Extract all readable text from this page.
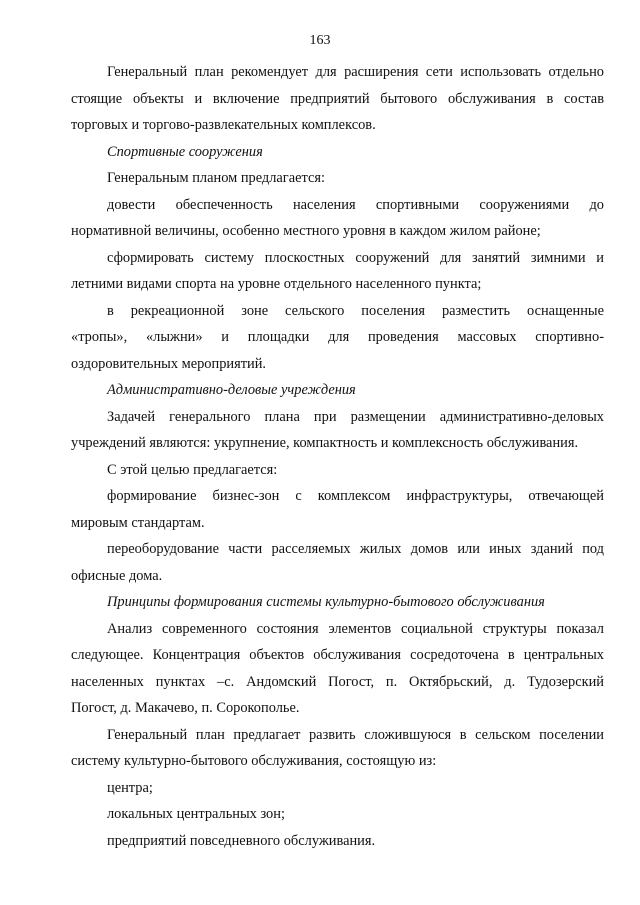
163
Генеральный план рекомендует для расширения сети использовать отдельно
стоящие объекты и включение предприятий бытового обслуживания в состав
торговых и торгово-развлекательных комплексов.

Спортивные сооружения

Генеральным планом предлагается:
довести обеспеченность населения спортивными сооружениями до
нормативной величины, особенно местного уровня в каждом жилом районе;
сформировать систему плоскостных сооружений для занятий зимними и
летними видами спорта на уровне отдельного населенного пункта;
в рекреационной зоне сельского поселения разместить оснащенные
«тропы», «лыжни» и площадки для проведения массовых спортивно-
оздоровительных мероприятий.

Административно-деловые учреждения

Задачей генерального плана при размещении административно-деловых
учреждений являются: укрупнение, компактность и комплексность обслуживания.
С этой целью предлагается:
формирование бизнес-зон с комплексом инфраструктуры, отвечающей
мировым стандартам.
переоборудование части расселяемых жилых домов или иных зданий под
офисные дома.

Принципы формирования системы культурно-бытового обслуживания

Анализ современного состояния элементов социальной структуры показал
следующее. Концентрация объектов обслуживания сосредоточена в центральных
населенных пунктах –с. Андомский Погост, п. Октябрьский, д. Тудозерский
Погост, д. Макачево, п. Сорокополье.
Генеральный план предлагает развить сложившуюся в сельском поселении
систему культурно-бытового обслуживания, состоящую из:
центра;
локальных центральных зон;
предприятий повседневного обслуживания.
